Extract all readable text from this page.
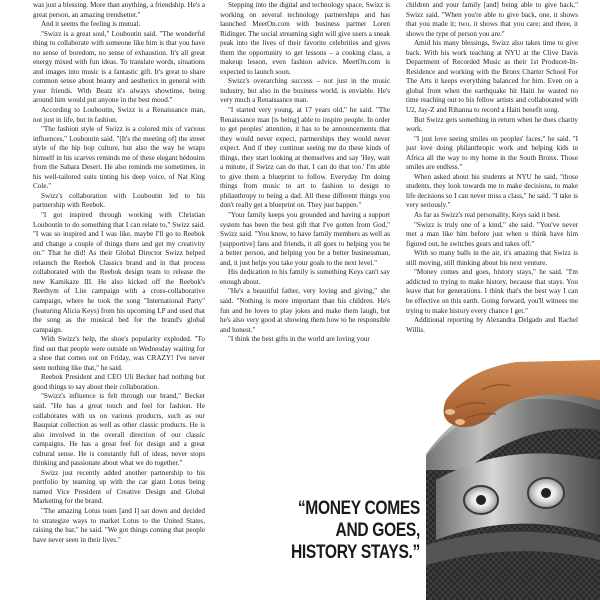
was just a blessing. More than anything, a friendship. He's a great person, an amazing trendsetter."

And it seems the feeling is mutual.

"Swizz is a great soul," Louboutin said. "The wonderful thing to collaborate with someone like him is that you have no sense of boredom, no sense of exhaustion. It's all great energy mixed with fun ideas. To translate words, situations and images into music is a fantastic gift. It's great to share common sense about beauty and aesthetics in general with your friends. With Beatz it's always showtime, being around him would put anyone in the best mood."

According to Louboutin, Swizz is a Renaissance man, not just in life, but in fashion.

"The fashion style of Swizz is a colored mix of various influences," Louboutin said. "[It's the meeting of] the street style of the hip hop culture, but also the way he wraps himself in his scarves reminds me of these elegant bédouins from the Sahara Desert. He also reminds me sometimes, in his well-tailored suits tinting his deep voice, of Nat King Cole."

Swizz's collaboration with Louboutin led to his partnership with Reebok.

"I got inspired through working with Christian Louboutin to do something that I can relate to," Swizz said. "I was so inspired and I was like, maybe I'll go to Reebok and change a couple of things there and get my creativity on." That he did! As their Global Director Swizz helped relaunch the Reebok Classics brand and in that process collaborated with the Reebok design team to release the new Kamikaze III. He also kicked off the Reebok's Reethym of Lite campaign with a cross-collaborative campaign, where he took the song "International Party" (featuring Alicia Keys) from his upcoming LP and used that the song as the musical bed for the brand's global campaign.

With Swizz's help, the shoe's popularity exploded. "To find out that people were outside on Wednesday waiting for a shoe that comes out on Friday, was CRAZY! I've never seen nothing like that," he said.

Reebok President and CEO Uli Becker had nothing but good things to say about their collaboration.

"Swizz's influence is felt through our brand," Becker said. "He has a great touch and feel for fashion. He collaborates with us on various products, such as our Basquiat collection as well as other classic products. He is also involved in the overall direction of our classic campaigns. He has a great feel for design and a great cultural sense. He is constantly full of ideas, never stops thinking and passionate about what we do together."

Swizz just recently added another partnership to his portfolio by teaming up with the car giant Lotus being named Vice President of Creative Design and Global Marketing for the brand.

"The amazing Lotus team [and I] sat down and decided to strategize ways to market Lotus to the United States, raising the bar," he said. "We got things coming that people have never seen in their lives."

Stepping into the digital and technology space, Swizz is working on several technology partnerships and has launched MeetOn.com with business partner Loren Ridinger. The social streaming sight will give users a sneak peak into the lives of their favorite celebrities and gives them the opportunity to get lessons – a cooking class, a makeup lesson, even fashion advice. MeetOn.com is expected to launch soon.

Swizz's overarching success – not just in the music industry, but also in the business world, is enviable. He's very much a Renaissance man.

"I started very young, at 17 years old," he said. "The Renaissance man [is being] able to inspire people. In order to get peoples' attention, it has to be announcements that they would never expect, partnerships they would never expect. And if they continue seeing me do these kinds of things, they start looking at themselves and say 'Hey, wait a minute, if Swizz can do that, I can do that too.' I'm able to give them a blueprint to follow. Everyday I'm doing things from music to art to fashion to design to philanthropy to being a dad. All these different things you don't really get a blueprint on. They just happen."

"Your family keeps you grounded and having a support system has been the best gift that I've gotten from God," Swizz said. "You know, to have family members as well as [supportive] fans and friends, it all goes to helping you be a better person, and helping you be a better businessman, and, it just helps you take your goals to the next level."

His dedication to his family is something Keys can't say enough about.

"He's a beautiful father, very loving and giving," she said. "Nothing is more important than his children. He's fun and he loves to play jokes and make them laugh, but he's also very good at showing them how to be responsible and honest."

"I think the best gifts in the world are loving your

children and your family [and] being able to give back," Swizz said. "When you're able to give back, one, it shows that you made it; two, it shows that you care; and three, it shows the type of person you are."

Amid his many blessings, Swizz also takes time to give back. With his work teaching at NYU at the Clive Davis Department of Recorded Music as their 1st Producer-In-Residence and working with the Bronx Charter School For The Arts it keeps everything balanced for him. Even on a global front when the earthquake hit Haiti he wasted no time reaching out to his fellow artists and collaborated with U2, Jay-Z and Rihanna to record a Haiti benefit song.

But Swizz gets something in return when he does charity work.

"I just love seeing smiles on peoples' faces," he said. "I just love doing philanthropic work and helping kids in Africa all the way to my home in the South Bronx. Those smiles are endless."

When asked about his students at NYU he said, "those students, they look towards me to make decisions, to make life decisions so I can never miss a class," he said. "I take is very seriously."

As far as Swizz's real personality, Keys said it best.

"Swizz is truly one of a kind," she said. "You've never met a man like him before just when u think have him figured out, he switches gears and takes off."

With so many balls in the air, it's amazing that Swizz is still moving, still thinking about his next venture.

"Money comes and goes, history stays," he said. "I'm addicted to trying to make history, because that stays. You leave that for generations. I think that's the best way I can be effective on this earth. Going forward, you'll witness me trying to make history every chance I get."

Additional reporting by Alexandra Delgado and Rachel Willis.

“MONEY COMES AND GOES,
HISTORY STAYS.”
